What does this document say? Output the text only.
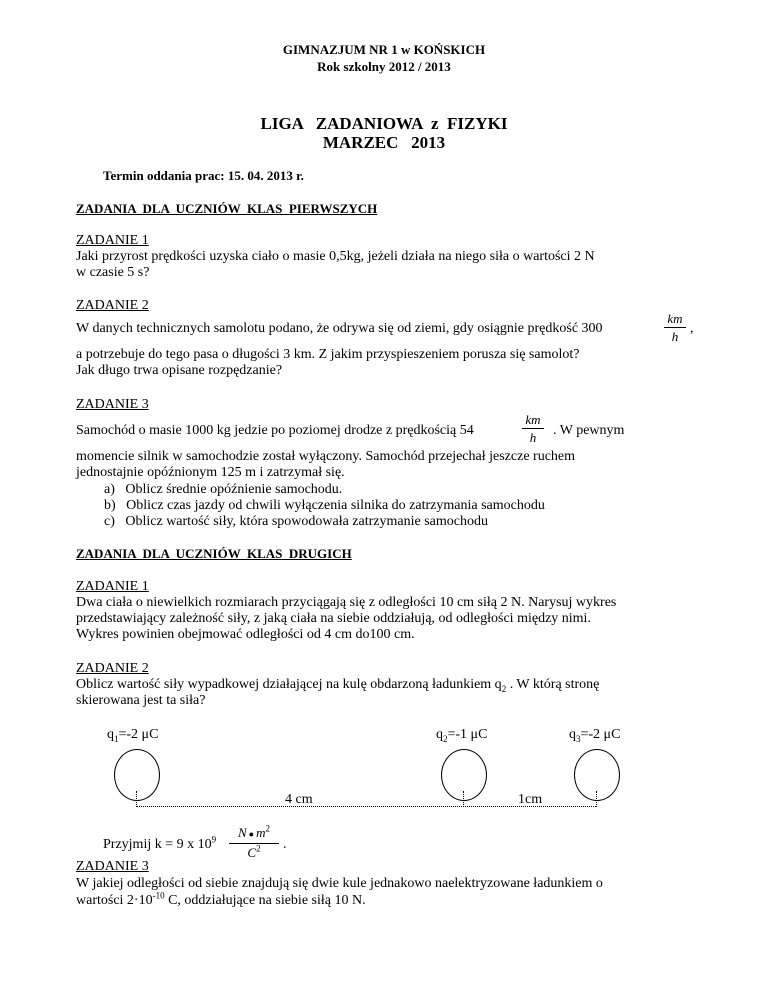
GIMNAZJUM NR 1 w KOŃSKICH
Rok szkolny 2012 / 2013
LIGA   ZADANIOWA  z  FIZYKI
MARZEC   2013
Termin oddania prac: 15. 04. 2013 r.
ZADANIA  DLA  UCZNIÓW  KLAS  PIERWSZYCH
ZADANIE 1
Jaki przyrost prędkości uzyska ciało o masie 0,5kg, jeżeli działa na niego siła o wartości 2 N
w czasie 5 s?
ZADANIE 2
W danych technicznych samolotu podano, że odrywa się od ziemi, gdy osiągnie prędkość 300	$\frac{km}{h}$ ,
a potrzebuje do tego pasa o długości 3 km. Z jakim przyspieszeniem porusza się samolot?
Jak długo trwa opisane rozpędzanie?
ZADANIE 3
Samochód o masie 1000 kg jedzie po poziomej drodze z prędkością 54	$\frac{km}{h}$ . W pewnym
momencie silnik w samochodzie został wyłączony. Samochód przejechał jeszcze ruchem
jednostajnie opóźnionym 125 m i zatrzymał się.
a)   Oblicz średnie opóźnienie samochodu.
b)   Oblicz czas jazdy od chwili wyłączenia silnika do zatrzymania samochodu
c)   Oblicz wartość siły, która spowodowała zatrzymanie samochodu
ZADANIA  DLA  UCZNIÓW  KLAS  DRUGICH
ZADANIE 1
Dwa ciała o niewielkich rozmiarach przyciągają się z odległości 10 cm siłą 2 N. Narysuj wykres
przedstawiający zależność siły, z jaką ciała na siebie oddziałują, od odległości między nimi.
Wykres powinien obejmować odległości od 4 cm do100 cm.
ZADANIE 2
Oblicz wartość siły wypadkowej działającej na kulę obdarzoną ładunkiem $q_2$ . W którą stronę
skierowana jest ta siła?
$q_1=-2$ μC	$q_2=-1$ μC	$q_3=-2$ μC
4 cm	1cm
Przyjmij k = 9 x $10^9 \frac{N ● m^2}{C^2}$ .
ZADANIE 3
W jakiej odległości od siebie znajdują się dwie kule jednakowo naelektryzowane ładunkiem o
wartości $2\cdot 10^{-10}$ C, oddziałujące na siebie siłą 10 N.
